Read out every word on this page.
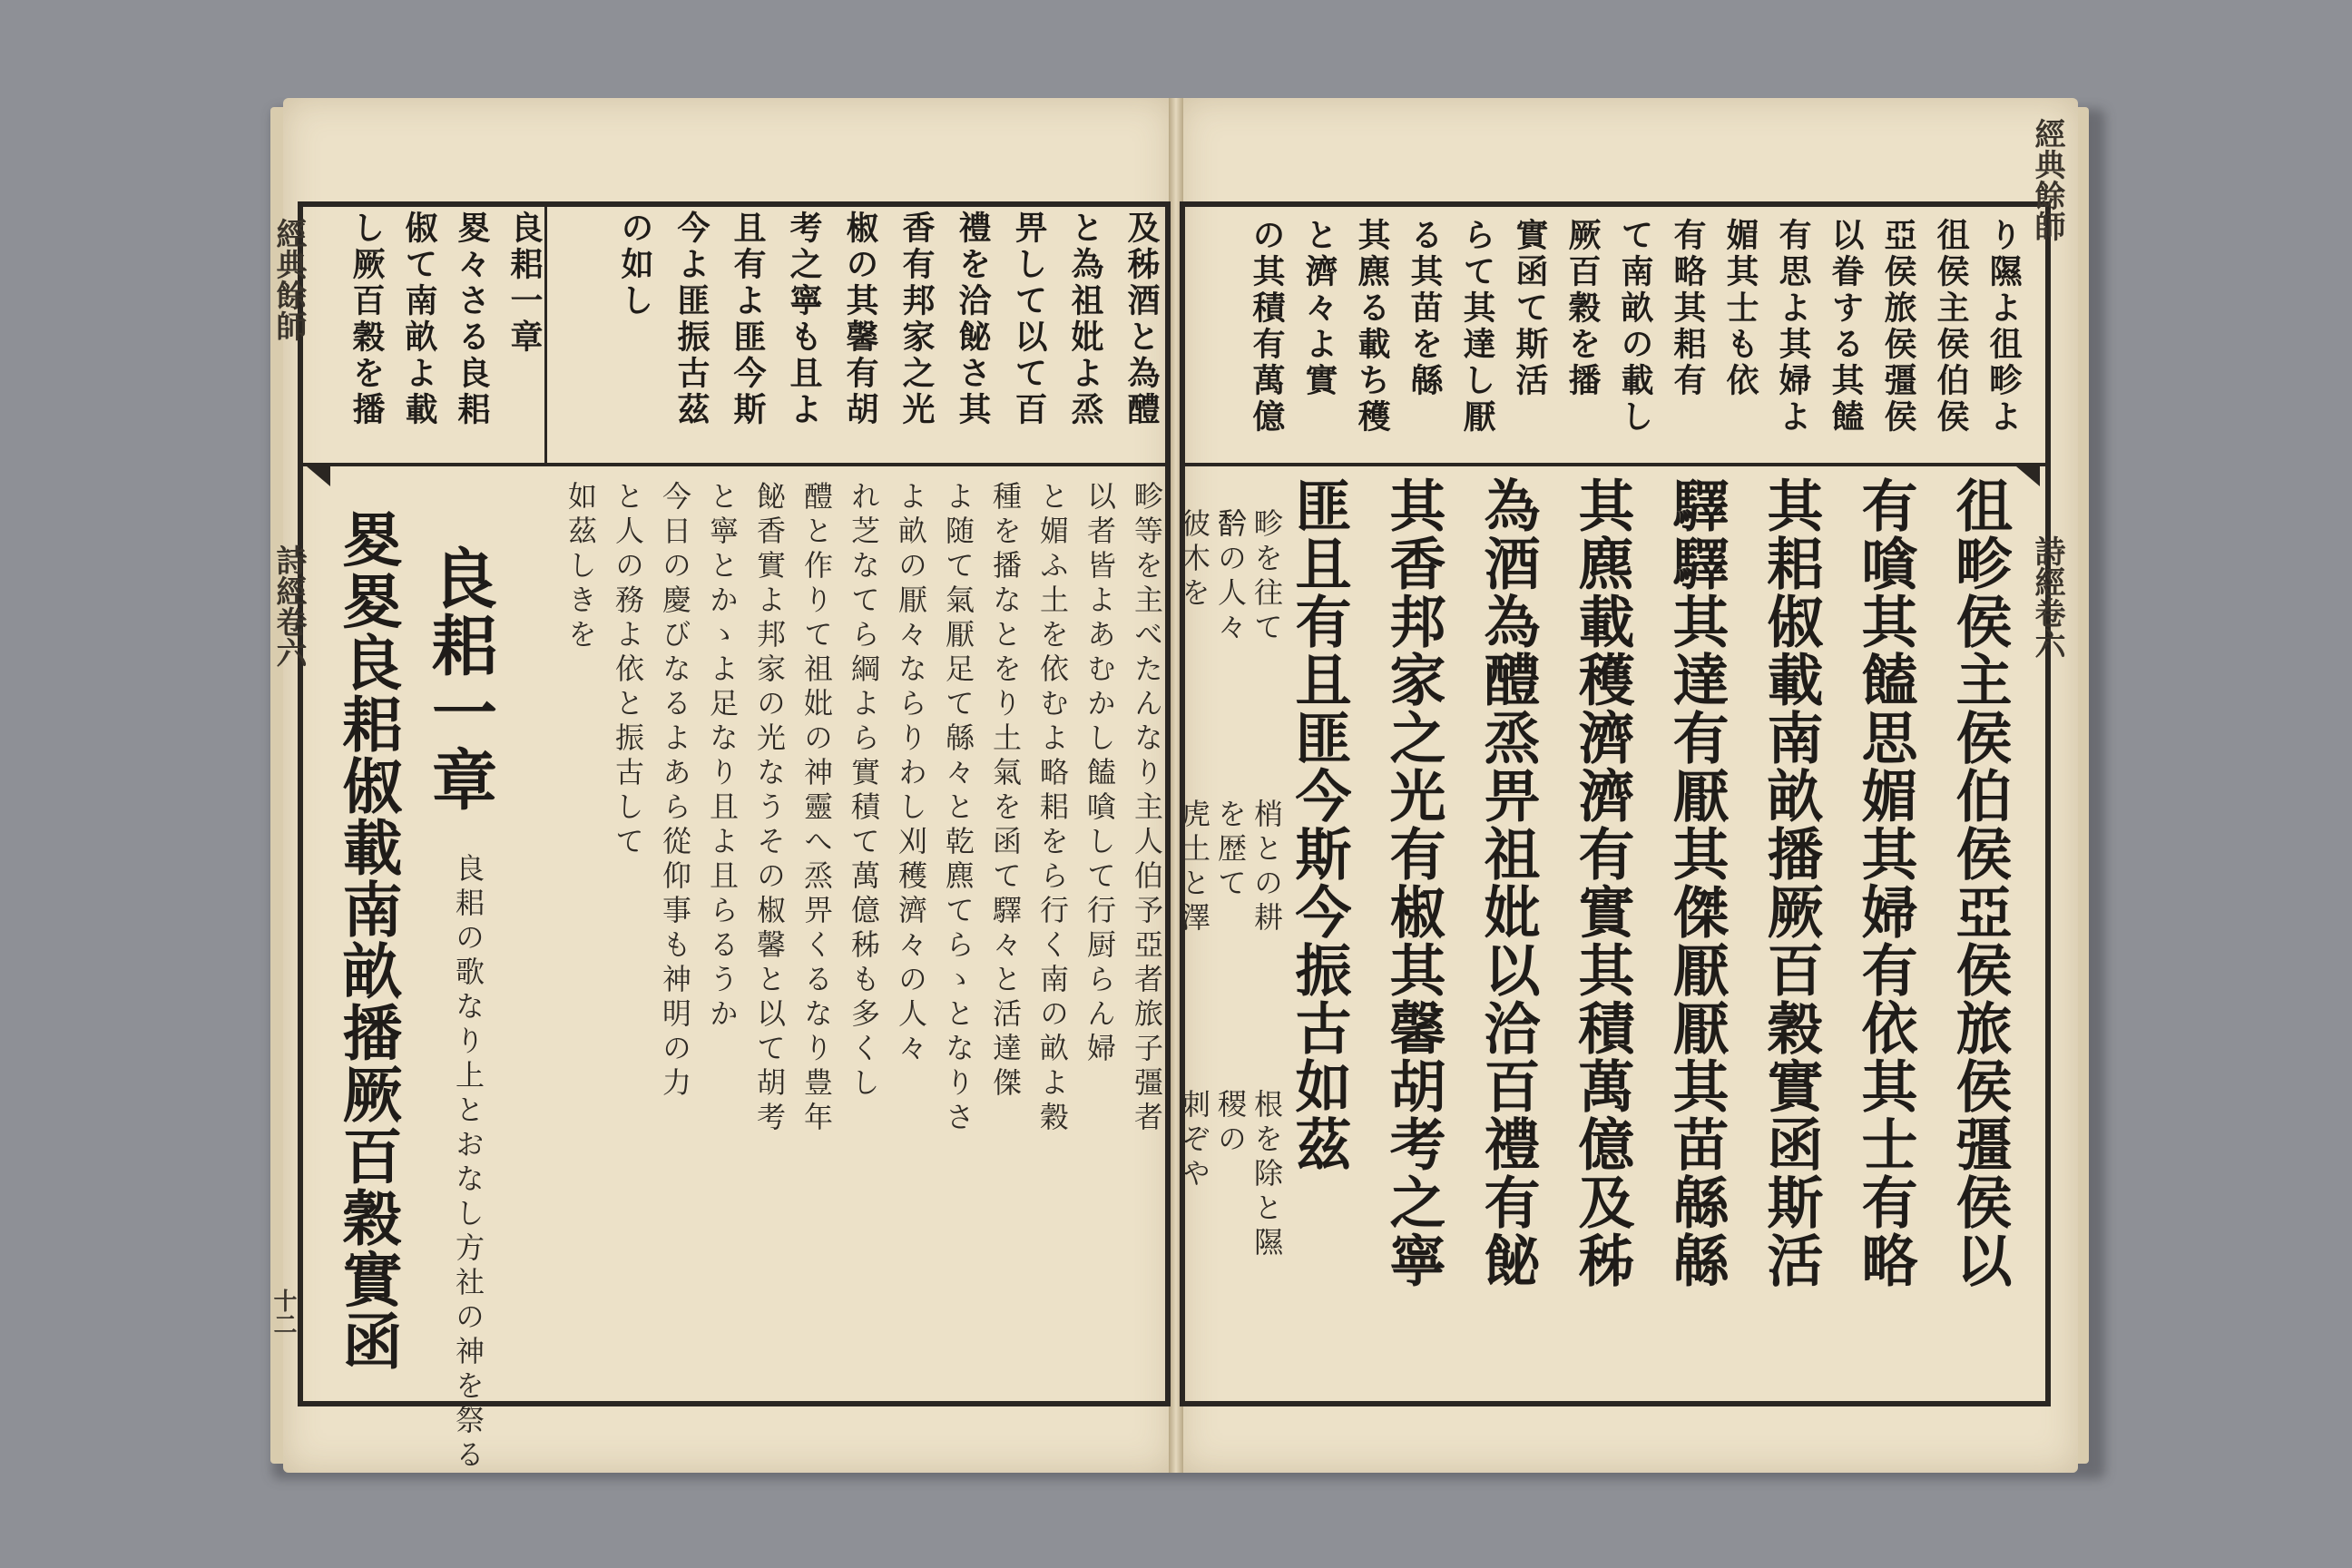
經典餘師
詩經卷六
經典餘師
詩經卷六
十二
り隰よ徂畛よ
徂侯主侯伯侯
亞侯旅侯彊侯
以眷する其饁
有思よ其婦よ
媚其士も依
有略其耜有
て南畝の載し
厥百穀を播
實函て斯活
らて其達し厭
る其苗を緜
其麃る載ち穫
と濟々よ實
の其積有萬億
徂畛侯主侯伯侯亞侯旅侯彊侯以
有嗿其饁思媚其婦有依其士有略
其耜俶載南畝播厥百穀實函斯活
驛驛其達有厭其傑厭厭其苗緜緜
其麃載穫濟濟有實其積萬億及秭
為酒為醴烝畀祖妣以洽百禮有飶
其香邦家之光有椒其馨胡考之寧
匪且有且匪今斯今振古如茲
畛を往て
𩠻の人々
彼木を
梢との耕
を歴て
虎土と澤
根を除と隰
稷の
刺ぞや
及秭酒と為醴
と為祖妣よ烝
畀して以て百
禮を洽飶さ其
香有邦家之光
椒の其馨有胡
考之寧も且よ
且有よ匪今斯
今よ匪振古茲
の如し
良耜一章
畟々さる良耜
俶て南畝よ載
し厥百穀を播
畛等を主べたんなり主人伯予亞者旅子彊者
以者皆よあむかし饁嗿して行厨らん婦
と媚ふ土を依むよ略耜をら行く南の畝よ穀
種を播なとをり土氣を函て驛々と活達傑
よ随て氣厭足て緜々と乾麃てらゝとなりさ
よ畝の厭々ならりわし刈穫濟々の人々
れ芝なてら綱よら實積て萬億秭も多くし
醴と作りて祖妣の神靈へ烝畀くるなり豊年
飶香實よ邦家の光なうその椒馨と以て胡考
と寧とかゝよ足なり且よ且らるうか
今日の慶びなるよあら從仰事も神明の力
と人の務よ依と振古して
如茲しきを
良耜一章
良耜の歌なり上とおなし方社の神を祭る
畟畟良耜俶載南畝播厥百穀實函
